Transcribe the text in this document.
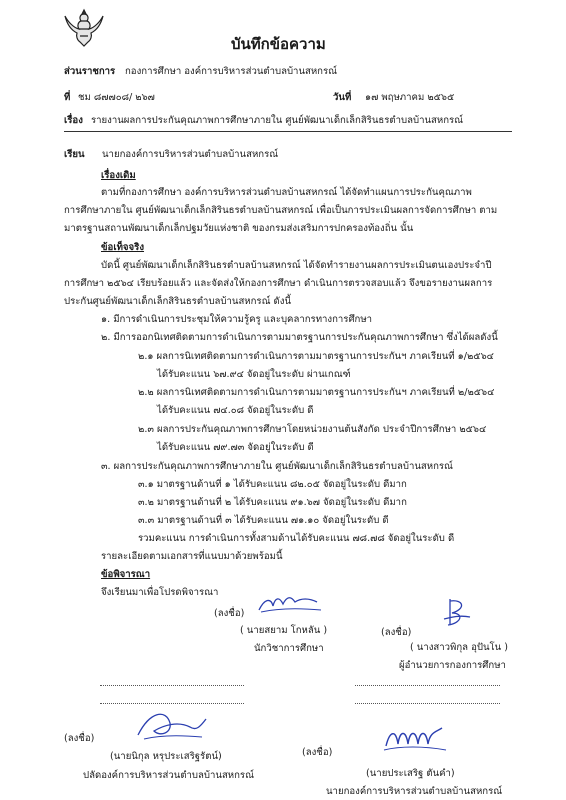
บันทึกข้อความ
ส่วนราชการ กองการศึกษา องค์การบริหารส่วนตำบลบ้านสหกรณ์
ที่ ชม ๘๗๗๐๘/ ๒๖๗	วันที่ ๑๗ พฤษภาคม ๒๕๖๕
เรื่อง รายงานผลการประกันคุณภาพการศึกษาภายใน ศูนย์พัฒนาเด็กเล็กสิรินธรตำบลบ้านสหกรณ์
เรียน นายกองค์การบริหารส่วนตำบลบ้านสหกรณ์
เรื่องเดิม
ตามที่กองการศึกษา องค์การบริหารส่วนตำบลบ้านสหกรณ์ ได้จัดทำแผนการประกันคุณภาพ
การศึกษาภายใน ศูนย์พัฒนาเด็กเล็กสิรินธรตำบลบ้านสหกรณ์ เพื่อเป็นการประเมินผลการจัดการศึกษา ตาม
มาตรฐานสถานพัฒนาเด็กเล็กปฐมวัยแห่งชาติ ของกรมส่งเสริมการปกครองท้องถิ่น นั้น
ข้อเท็จจริง
บัดนี้ ศูนย์พัฒนาเด็กเล็กสิรินธรตำบลบ้านสหกรณ์ ได้จัดทำรายงานผลการประเมินตนเองประจำปี
การศึกษา ๒๕๖๔ เรียบร้อยแล้ว และจัดส่งให้กองการศึกษา ดำเนินการตรวจสอบแล้ว จึงขอรายงานผลการ
ประกันศูนย์พัฒนาเด็กเล็กสิรินธรตำบลบ้านสหกรณ์ ดังนี้
๑. มีการดำเนินการประชุมให้ความรู้ครู และบุคลากรทางการศึกษา
๒. มีการออกนิเทศติดตามการดำเนินการตามมาตรฐานการประกันคุณภาพการศึกษา ซึ่งได้ผลดังนี้
๒.๑ ผลการนิเทศติดตามการดำเนินการตามมาตรฐานการประกันฯ ภาคเรียนที่ ๑/๒๕๖๔
ได้รับคะแนน ๖๗.๙๔ จัดอยู่ในระดับ ผ่านเกณฑ์
๒.๒ ผลการนิเทศติดตามการดำเนินการตามมาตรฐานการประกันฯ ภาคเรียนที่ ๒/๒๕๖๔
ได้รับคะแนน ๗๔.๐๘ จัดอยู่ในระดับ ดี
๒.๓ ผลการประกันคุณภาพการศึกษาโดยหน่วยงานต้นสังกัด ประจำปีการศึกษา ๒๕๖๔
ได้รับคะแนน ๗๙.๗๓ จัดอยู่ในระดับ ดี
๓. ผลการประกันคุณภาพการศึกษาภายใน ศูนย์พัฒนาเด็กเล็กสิรินธรตำบลบ้านสหกรณ์
๓.๑ มาตรฐานด้านที่ ๑ ได้รับคะแนน ๘๒.๐๕ จัดอยู่ในระดับ ดีมาก
๓.๒ มาตรฐานด้านที่ ๒ ได้รับคะแนน ๙๑.๖๗ จัดอยู่ในระดับ ดีมาก
๓.๓ มาตรฐานด้านที่ ๓ ได้รับคะแนน ๗๑.๑๐ จัดอยู่ในระดับ ดี
รวมคะแนน การดำเนินการทั้งสามด้านได้รับคะแนน ๗๘.๗๘ จัดอยู่ในระดับ ดี
รายละเอียดตามเอกสารที่แนบมาด้วยพร้อมนี้
ข้อพิจารณา
จึงเรียนมาเพื่อโปรดพิจารณา
(ลงชื่อ)
( นายสยาม โกหลัน )
นักวิชาการศึกษา
(ลงชื่อ)
( นางสาวพิกุล อุปันโน )
ผู้อำนวยการกองการศึกษา
(ลงชื่อ)
(นายนิกุล หรุประเสริฐรัตน์)
ปลัดองค์การบริหารส่วนตำบลบ้านสหกรณ์
(ลงชื่อ)
(นายประเสริฐ ตันคำ)
นายกองค์การบริหารส่วนตำบลบ้านสหกรณ์
